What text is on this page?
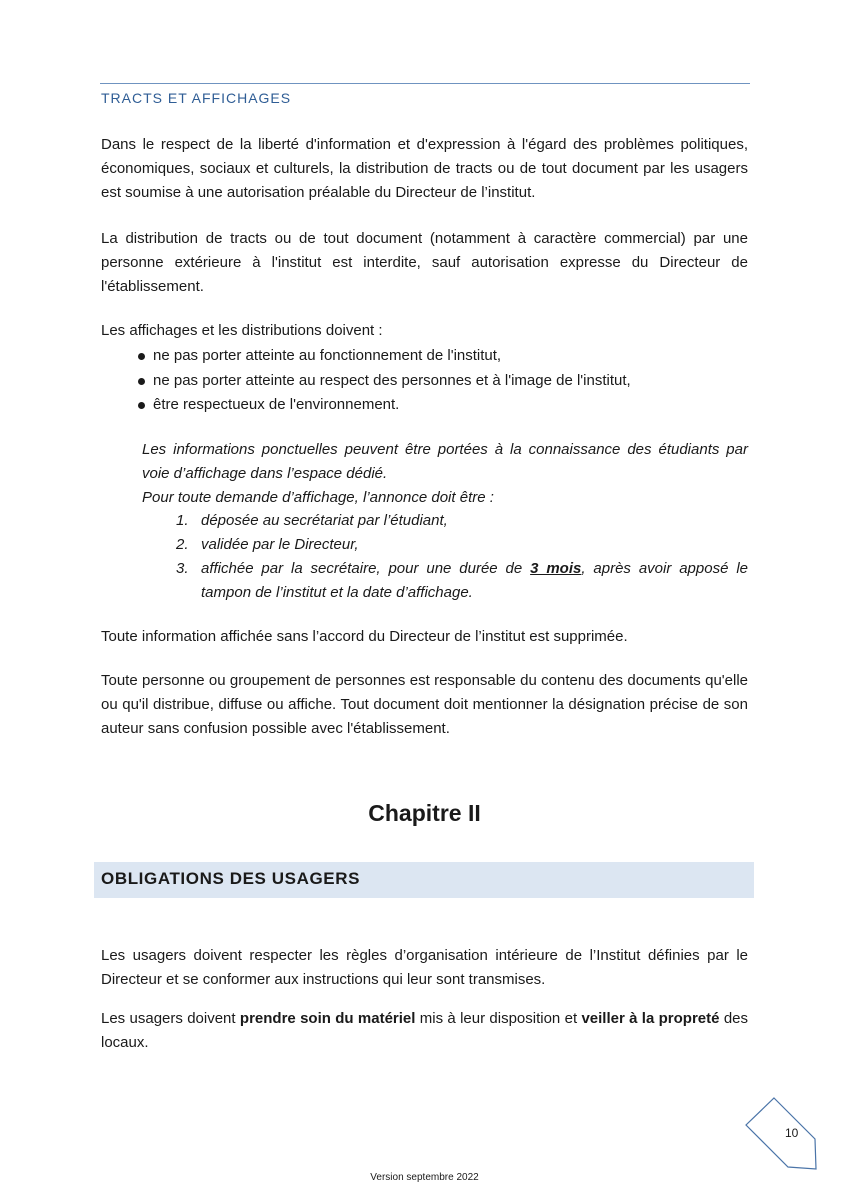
TRACTS ET AFFICHAGES
Dans le respect de la liberté d'information et d'expression à l'égard des problèmes politiques, économiques, sociaux et culturels, la distribution de tracts ou de tout document par les usagers est soumise à une autorisation préalable du Directeur de l’institut.
La distribution de tracts ou de tout document (notamment à caractère commercial) par une personne extérieure à l'institut est interdite, sauf autorisation expresse du Directeur de l'établissement.
Les affichages et les distributions doivent :
ne pas porter atteinte au fonctionnement de l'institut,
ne pas porter atteinte au respect des personnes et à l'image de l'institut,
être respectueux de l'environnement.
Les informations ponctuelles peuvent être portées à la connaissance des étudiants par voie d’affichage dans l’espace dédié.
Pour toute demande d’affichage, l’annonce doit être :
1. déposée au secrétariat par l’étudiant,
2. validée par le Directeur,
3. affichée par la secrétaire, pour une durée de 3 mois, après avoir apposé le tampon de l’institut et la date d’affichage.
Toute information affichée sans l’accord du Directeur de l’institut est supprimée.
Toute personne ou groupement de personnes est responsable du contenu des documents qu'elle ou qu'il distribue, diffuse ou affiche. Tout document doit mentionner la désignation précise de son auteur sans confusion possible avec l'établissement.
Chapitre II
OBLIGATIONS DES USAGERS
Les usagers doivent respecter les règles d’organisation intérieure de l’Institut définies par le Directeur et se conformer aux instructions qui leur sont transmises.
Les usagers doivent prendre soin du matériel mis à leur disposition et veiller à la propreté des locaux.
10
Version septembre 2022
